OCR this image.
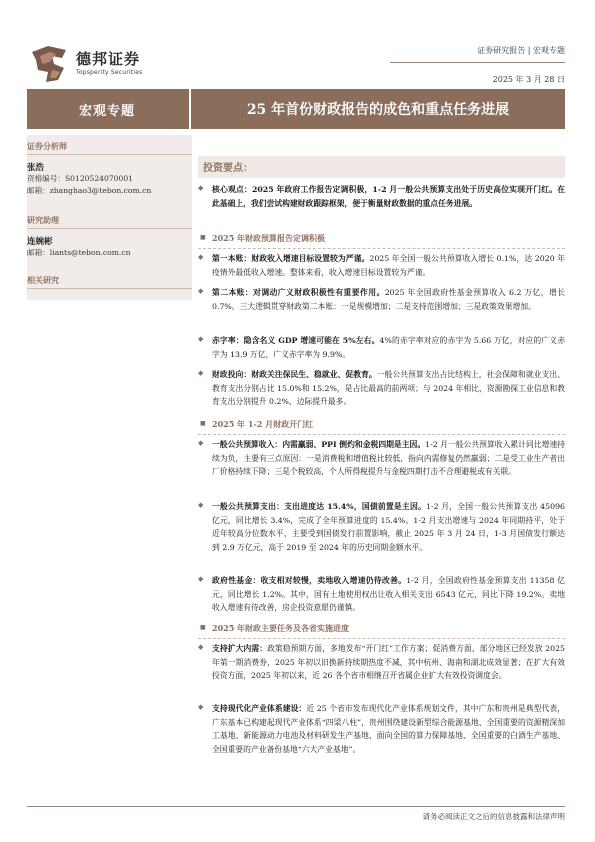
德邦证券
Topsperity Securities
证券研究报告 | 宏观专题
2025 年 3 月 28 日
宏观专题	25 年首份财政报告的成色和重点任务进展
证券分析师
张浩
资格编号：S0120524070001
邮箱：zhanghao3@tebon.com.cn
研究助理
连婉彬
邮箱：liants@tebon.com.cn
相关研究
投资要点：
◆ 核心观点：2025 年政府工作报告定调积极，1-2 月一般公共预算支出处于历史高位实现开门红。在此基础上，我们尝试构建财政跟踪框架，便于衡量财政数据的重点任务进展。
■ 2025 年财政预算报告定调积极
◆ 第一本账：财政收入增速目标设置较为严谨。2025 年全国一般公共预算收入增长 0.1%，达 2020 年疫情外最低收入增速。整体来看，收入增速目标设置较为严谨。
◆ 第二本账：对调动广义财政积极性有重要作用。2025 年全国政府性基金预算收入 6.2 万亿，增长 0.7%。三大逻辑贯穿财政第二本账：一是规模增加；二是支持范围增加；三是政策效果增加。
◆ 赤字率：隐含名义 GDP 增速可能在 5%左右。4%的赤字率对应的赤字为 5.66 万亿，对应的广义赤字为 13.9 万亿，广义赤字率为 9.9%。
◆ 财政投向：财政关注保民生、稳就业、促教育。一般公共预算支出占比结构上，社会保障和就业支出、教育支出分别占比 15.0%和 15.2%，是占比最高的前两项；与 2024 年相比，资源勘探工业信息和教育支出分别提升 0.2%，边际提升最多。
■ 2025 年 1-2 月财政开门红
◆ 一般公共预算收入：内需羸弱、PPI 倒灼和金税四期是主因。1-2 月一般公共预算收入累计同比增速持续为负，主要有三点原因：一是消费税和增值税比较低，指向内需修复仍然羸弱；二是受工业生产者出厂价格持续下降；三是个税较高，个人所得税提升与金税四期打击不合理避税或有关联。
◆ 一般公共预算支出：支出进度达 15.4%，国债前置是主因。1-2 月，全国一般公共预算支出 45096 亿元，同比增长 3.4%，完成了全年预算进度的 15.4%。1-2 月支出增速与 2024 年同期持平，处于近年较高分位数水平，主要受到国债发行前置影响，截止 2025 年 3 月 24 日，1-3 月国债发行额达到 2.9 万亿元，高于 2019 至 2024 年的历史同期金额水平。
◆ 政府性基金：收支相对较慢，卖地收入增速仍待改善。1-2 月，全国政府性基金预算支出 11358 亿元，同比增长 1.2%。其中，国有土地使用权出让收入相关支出 6543 亿元，同比下降 19.2%。卖地收入增速有待改善，房企投资意愿仍谨慎。
■ 2025 年财政主要任务及各省实施进度
◆ 支持扩大内需：政策稳预期方面，多地发布“开门红”工作方案；促消费方面，部分地区已经发放 2025 年第一期消费券，2025 年初以旧换新持续期热度不减，其中杭州、海南和湖北成效显著；在扩大有效投资方面，2025 年初以来，近 26 各个省市相继召开省属企业扩大有效投资调度会。
◆ 支持现代化产业体系建设：近 25 个省市发布现代化产业体系规划文件，其中广东和贵州是典型代表，广东基本已构建起现代产业体系“四梁八柱”，贵州围绕建设新型综合能源基地、全国重要的资源精深加工基地、新能源动力电池及材料研发生产基地、面向全国的算力保障基地、全国重要的白酒生产基地、全国重要的产业备份基地“六大产业基地”。
请务必阅读正文之后的信息披露和法律声明
